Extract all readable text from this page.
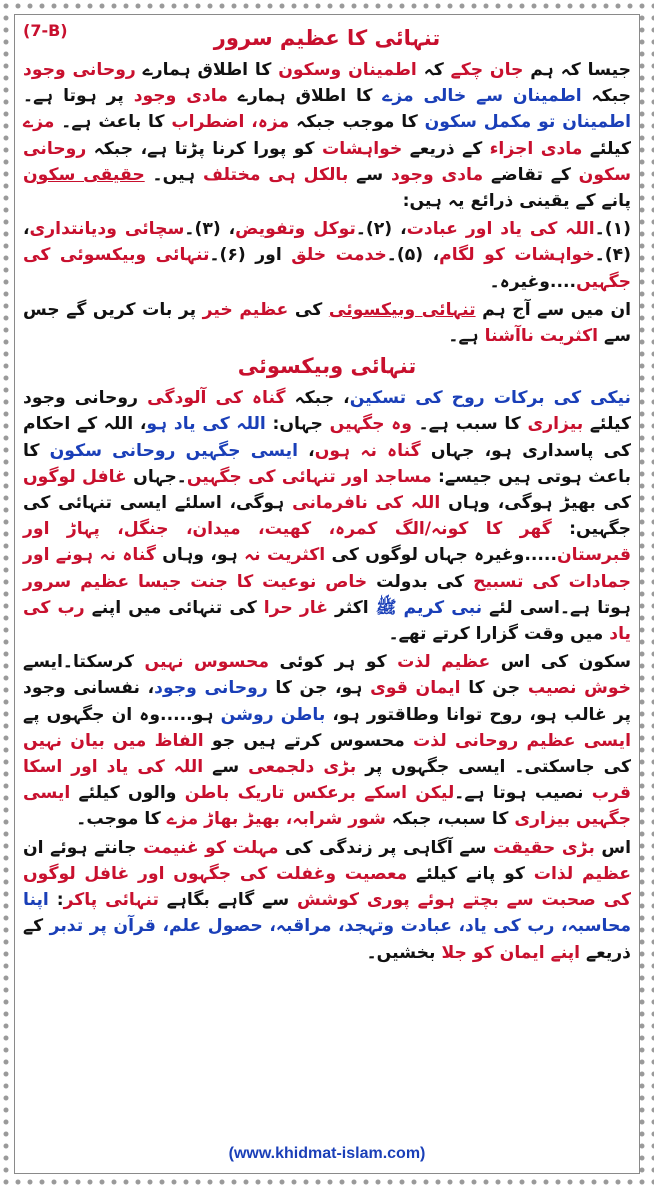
(7-B)	تنہائی کا عظیم سرور

جیسا کہ ہم جان چکے کہ اطمینان وسکون کا اطلاق ہمارے روحانی وجود جبکہ اطمینان سے خالی مزے کا اطلاق ہمارے مادی وجود پر ہوتا ہے۔اطمینان تو مکمل سکون کا موجب جبکہ مزہ، اضطراب کا باعث ہے۔ مزے کیلئے مادی اجزاء کے ذریعے خواہشات کو پورا کرنا پڑتا ہے، جبکہ روحانی سکون کے تقاضے مادی وجود سے بالکل ہی مختلف ہیں۔ حقیقی سکون پانے کے یقینی ذرائع یہ ہیں:

(۱)۔اللہ کی یاد اور عبادت، (۲)۔توکل وتفویض، (۳)۔سچائی ودیانتداری، (۴)۔خواہشات کو لگام، (۵)۔خدمت خلق اور (۶)۔تنہائی وبیکسوئی کی جگہیں....وغیرہ۔

ان میں سے آج ہم تنہائی وبیکسوئی کی عظیم خیر پر بات کریں گے جس سے اکثریت ناآشنا ہے۔

تنہائی وبیکسوئی

نیکی کی برکات روح کی تسکین، جبکہ گناہ کی آلودگی روحانی وجود کیلئے بیزاری کا سبب ہے۔ وہ جگہیں جہاں: اللہ کی یاد ہو، اللہ کے احکام کی پاسداری ہو، جہاں گناہ نہ ہوں، ایسی جگہیں روحانی سکون کا باعث ہوتی ہیں جیسے: مساجد اور تنہائی کی جگہیں۔جہاں غافل لوگوں کی بھیڑ ہوگی، وہاں اللہ کی نافرمانی ہوگی، اسلئے ایسی تنہائی کی جگہیں: گھر کا کونہ/الگ کمرہ، کھیت، میدان، جنگل، پہاڑ اور قبرستان.....وغیرہ جہاں لوگوں کی اکثریت نہ ہو، وہاں گناہ نہ ہونے اور جمادات کی تسبیح کی بدولت خاص نوعیت کا جنت جیسا عظیم سرور ہوتا ہے۔اسی لئے نبی کریم ﷺ اکثر غار حرا کی تنہائی میں اپنے رب کی یاد میں وقت گزارا کرتے تھے۔

سکون کی اس عظیم لذت کو ہر کوئی محسوس نہیں کرسکتا۔ایسے خوش نصیب جن کا ایمان قوی ہو، جن کا روحانی وجود، نفسانی وجود پر غالب ہو، روح توانا وطاقتور ہو، باطن روشن ہو.....وہ ان جگہوں پے ایسی عظیم روحانی لذت محسوس کرتے ہیں جو الفاظ میں بیان نہیں کی جاسکتی۔ ایسی جگہوں پر بڑی دلجمعی سے اللہ کی یاد اور اسکا قرب نصیب ہوتا ہے۔لیکن اسکے برعکس تاریک باطن والوں کیلئے ایسی جگہیں بیزاری کا سبب، جبکہ شور شرابہ، بھیڑ بھاڑ مزے کا موجب۔

اس بڑی حقیقت سے آگاہی پر زندگی کی مہلت کو غنیمت جانتے ہوئے ان عظیم لذات کو پانے کیلئے معصیت وغفلت کی جگہوں اور غافل لوگوں کی صحبت سے بچتے ہوئے پوری کوشش سے گاہے بگاہے تنہائی پاکر: اپنا محاسبہ، رب کی یاد، عبادت وتہجد، مراقبہ، حصول علم، قرآن پر تدبر کے ذریعے اپنے ایمان کو جلا بخشیں۔

(www.khidmat-islam.com)
